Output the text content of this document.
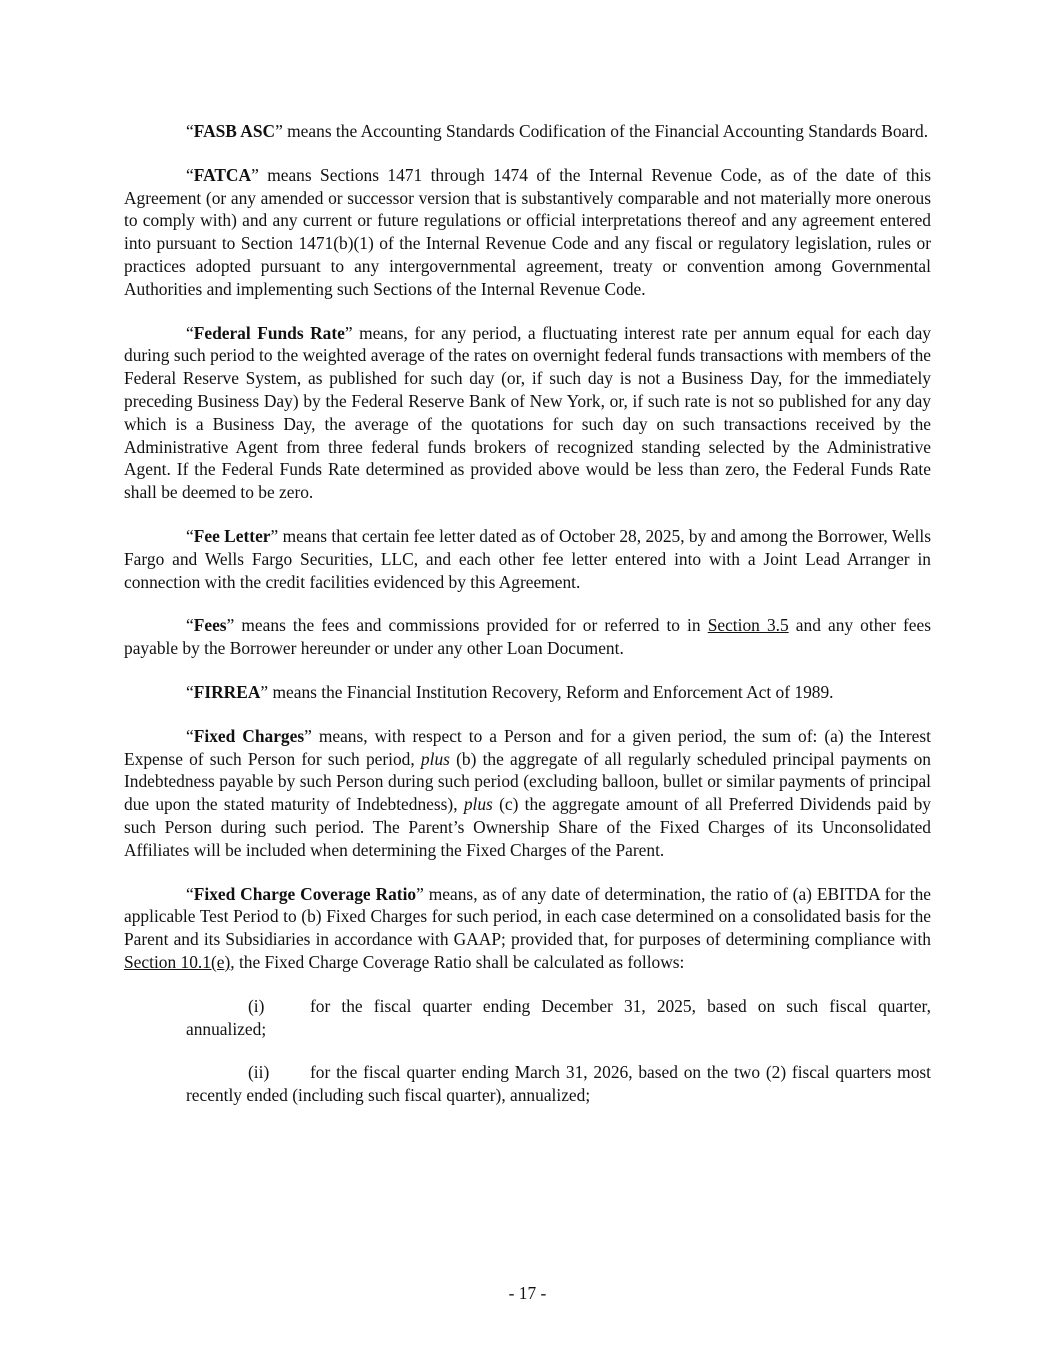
“FASB ASC” means the Accounting Standards Codification of the Financial Accounting Standards Board.

“FATCA” means Sections 1471 through 1474 of the Internal Revenue Code, as of the date of this Agreement (or any amended or successor version that is substantively comparable and not materially more onerous to comply with) and any current or future regulations or official interpretations thereof and any agreement entered into pursuant to Section 1471(b)(1) of the Internal Revenue Code and any fiscal or regulatory legislation, rules or practices adopted pursuant to any intergovernmental agreement, treaty or convention among Governmental Authorities and implementing such Sections of the Internal Revenue Code.

“Federal Funds Rate” means, for any period, a fluctuating interest rate per annum equal for each day during such period to the weighted average of the rates on overnight federal funds transactions with members of the Federal Reserve System, as published for such day (or, if such day is not a Business Day, for the immediately preceding Business Day) by the Federal Reserve Bank of New York, or, if such rate is not so published for any day which is a Business Day, the average of the quotations for such day on such transactions received by the Administrative Agent from three federal funds brokers of recognized standing selected by the Administrative Agent. If the Federal Funds Rate determined as provided above would be less than zero, the Federal Funds Rate shall be deemed to be zero.

“Fee Letter” means that certain fee letter dated as of October 28, 2025, by and among the Borrower, Wells Fargo and Wells Fargo Securities, LLC, and each other fee letter entered into with a Joint Lead Arranger in connection with the credit facilities evidenced by this Agreement.

“Fees” means the fees and commissions provided for or referred to in Section 3.5 and any other fees payable by the Borrower hereunder or under any other Loan Document.

“FIRREA” means the Financial Institution Recovery, Reform and Enforcement Act of 1989.

“Fixed Charges” means, with respect to a Person and for a given period, the sum of: (a) the Interest Expense of such Person for such period, plus (b) the aggregate of all regularly scheduled principal payments on Indebtedness payable by such Person during such period (excluding balloon, bullet or similar payments of principal due upon the stated maturity of Indebtedness), plus (c) the aggregate amount of all Preferred Dividends paid by such Person during such period. The Parent’s Ownership Share of the Fixed Charges of its Unconsolidated Affiliates will be included when determining the Fixed Charges of the Parent.

“Fixed Charge Coverage Ratio” means, as of any date of determination, the ratio of (a) EBITDA for the applicable Test Period to (b) Fixed Charges for such period, in each case determined on a consolidated basis for the Parent and its Subsidiaries in accordance with GAAP; provided that, for purposes of determining compliance with Section 10.1(e), the Fixed Charge Coverage Ratio shall be calculated as follows:

(i)	for the fiscal quarter ending December 31, 2025, based on such fiscal quarter, annualized;

(ii) for the fiscal quarter ending March 31, 2026, based on the two (2) fiscal quarters most recently ended (including such fiscal quarter), annualized;

- 17 -
